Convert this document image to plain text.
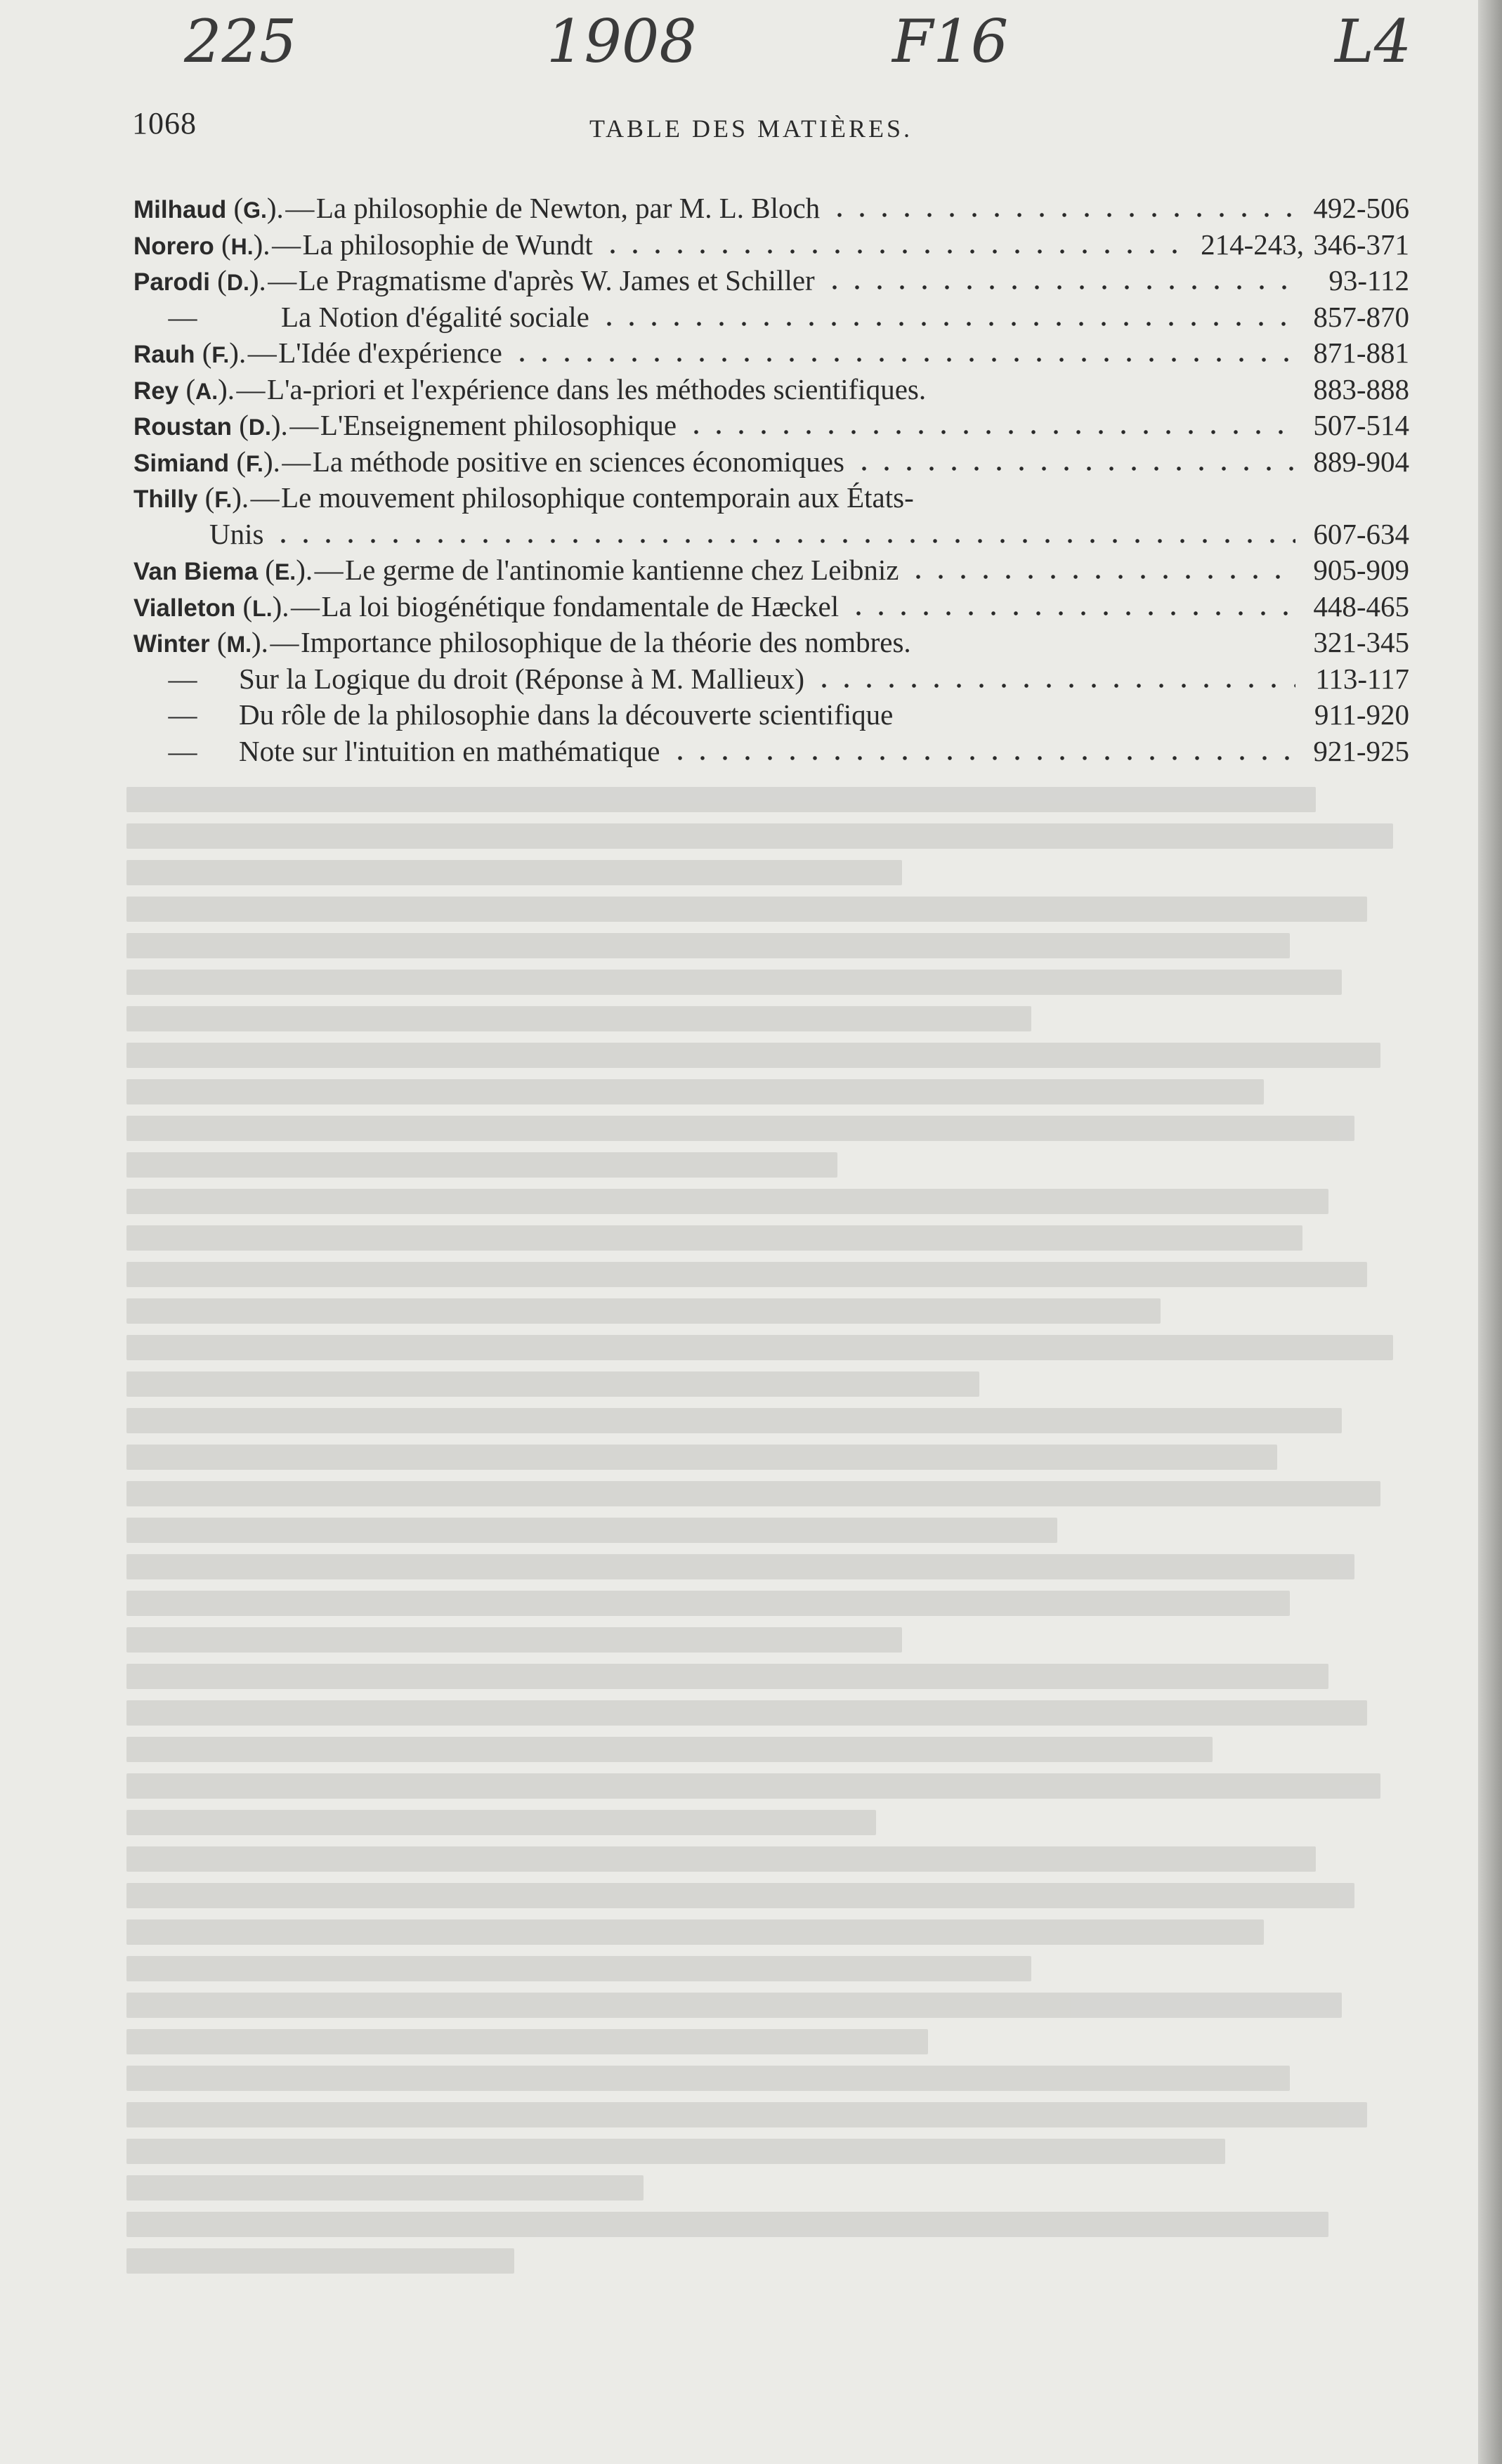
225	1908	F16	L4
1068	TABLE DES MATIÈRES.
Milhaud ( G. ). — La philosophie de Newton, par M. L. Bloch	492-506
Norero ( H. ). — La philosophie de Wundt	214-243, 346-371
Parodi ( D. ). — Le Pragmatisme d'après W. James et Schiller	93-112
—	La Notion d'égalité sociale	857-870
Rauh ( F. ). — L'Idée d'expérience	871-881
Rey ( A. ). — L'a-priori et l'expérience dans les méthodes scientifiques.	883-888
Roustan ( D. ). — L'Enseignement philosophique	507-514
Simiand ( F. ). — La méthode positive en sciences économiques	889-904
Thilly ( F. ). — Le mouvement philosophique contemporain aux États-
Unis	607-634
Van Biema ( E. ). — Le germe de l'antinomie kantienne chez Leibniz	905-909
Vialleton ( L. ). — La loi biogénétique fondamentale de Hæckel	448-465
Winter ( M. ). — Importance philosophique de la théorie des nombres.	321-345
—	Sur la Logique du droit (Réponse à M. Mallieux)	113-117
—	Du rôle de la philosophie dans la découverte scientifique	911-920
—	Note sur l'intuition en mathématique	921-925
